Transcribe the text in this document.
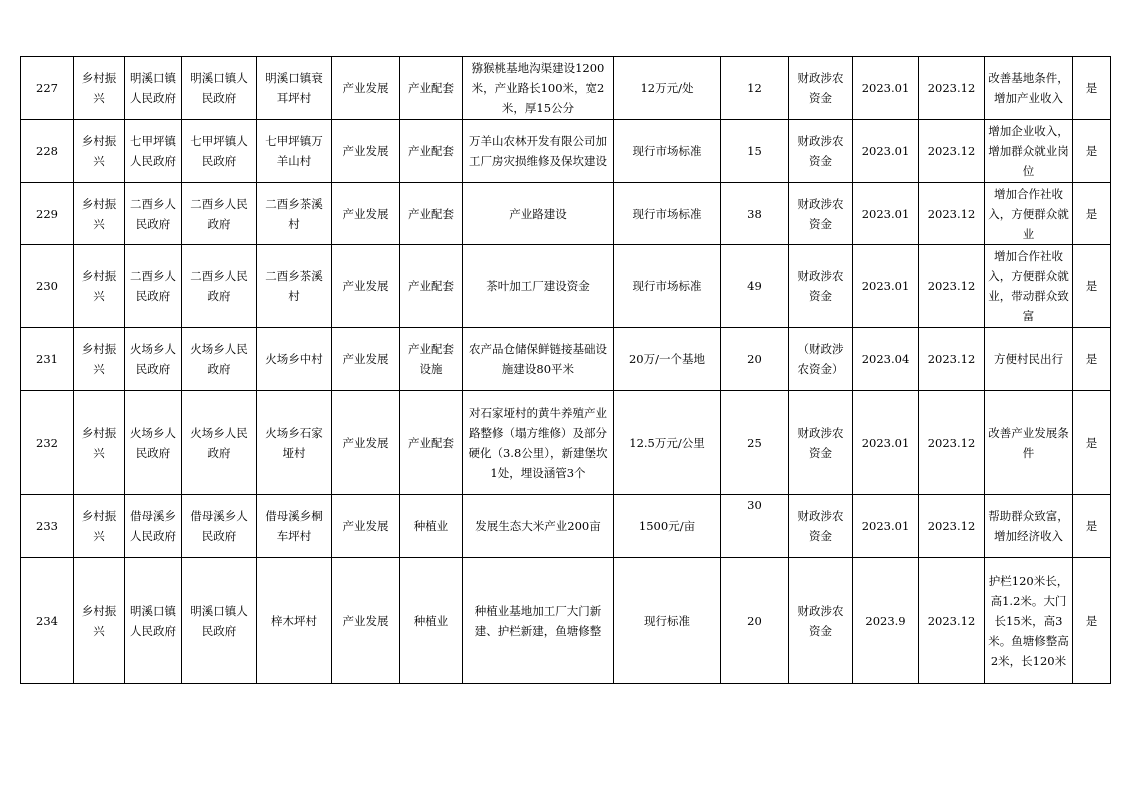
227	乡村振兴	明溪口镇人民政府	明溪口镇人民政府	明溪口镇衰耳坪村	产业发展	产业配套	猕猴桃基地沟渠建设1200米，产业路长100米，宽2米，厚15公分	12万元/处	12	财政涉农资金	2023.01	2023.12	改善基地条件，增加产业收入	是
228	乡村振兴	七甲坪镇人民政府	七甲坪镇人民政府	七甲坪镇万羊山村	产业发展	产业配套	万羊山农林开发有限公司加工厂房灾损维修及保坎建设	现行市场标准	15	财政涉农资金	2023.01	2023.12	增加企业收入，增加群众就业岗位	是
229	乡村振兴	二酉乡人民政府	二酉乡人民政府	二酉乡茶溪村	产业发展	产业配套	产业路建设	现行市场标准	38	财政涉农资金	2023.01	2023.12	增加合作社收入，方便群众就业	是
230	乡村振兴	二酉乡人民政府	二酉乡人民政府	二酉乡茶溪村	产业发展	产业配套	茶叶加工厂建设资金	现行市场标准	49	财政涉农资金	2023.01	2023.12	增加合作社收入，方便群众就业，带动群众致富	是
231	乡村振兴	火场乡人民政府	火场乡人民政府	火场乡中村	产业发展	产业配套设施	农产品仓储保鲜链接基础设施建设80平米	20万/一个基地	20	（财政涉农资金）	2023.04	2023.12	方便村民出行	是
232	乡村振兴	火场乡人民政府	火场乡人民政府	火场乡石家垭村	产业发展	产业配套	对石家垭村的黄牛养殖产业路整修（塌方维修）及部分硬化（3.8公里），新建堡坎1处，埋设涵管3个	12.5万元/公里	25	财政涉农资金	2023.01	2023.12	改善产业发展条件	是
233	乡村振兴	借母溪乡人民政府	借母溪乡人民政府	借母溪乡桐车坪村	产业发展	种植业	发展生态大米产业200亩	1500元/亩	30	财政涉农资金	2023.01	2023.12	帮助群众致富，增加经济收入	是
234	乡村振兴	明溪口镇人民政府	明溪口镇人民政府	梓木坪村	产业发展	种植业	种植业基地加工厂大门新建、护栏新建，鱼塘修整	现行标准	20	财政涉农资金	2023.9	2023.12	护栏120米长，高1.2米。大门长15米，高3米。鱼塘修整高2米，长120米	是
